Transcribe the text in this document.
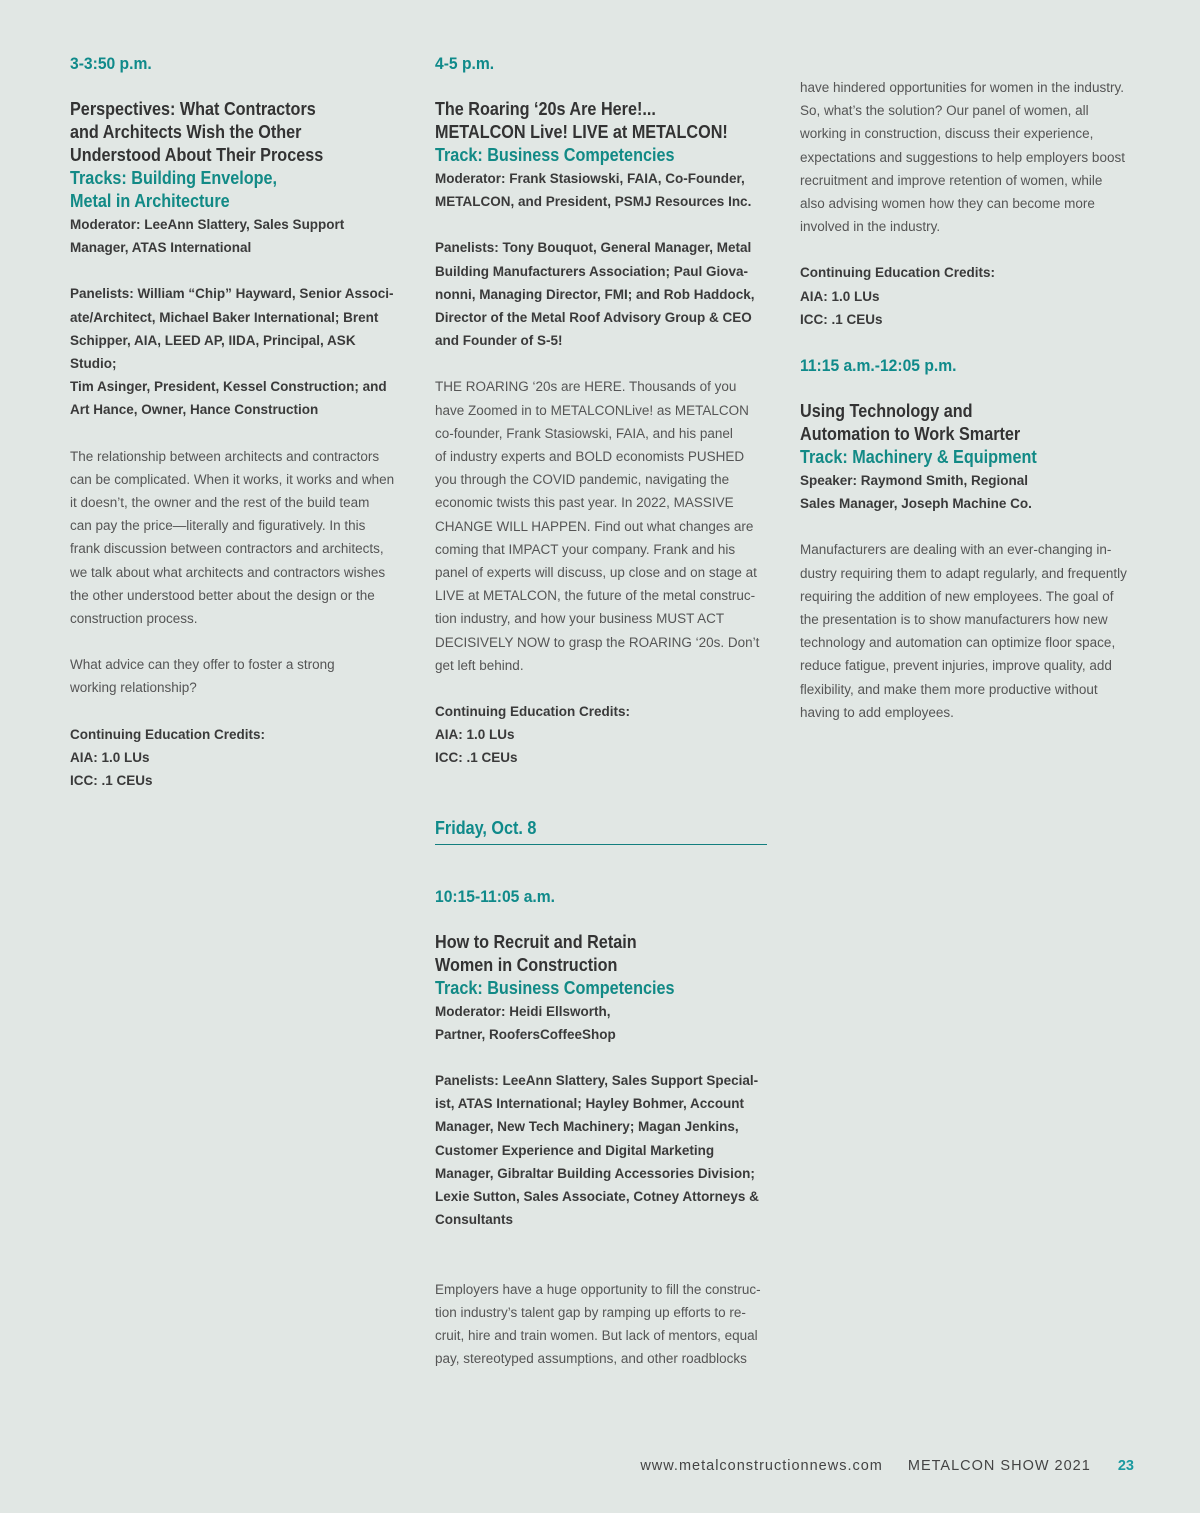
3-3:50 p.m.

Perspectives: What Contractors
and Architects Wish the Other
Understood About Their Process
Tracks: Building Envelope,
Metal in Architecture
Moderator: LeeAnn Slattery, Sales Support
Manager, ATAS International
Panelists: William “Chip” Hayward, Senior Associ-
ate/Architect, Michael Baker International; Brent
Schipper, AIA, LEED AP, IIDA, Principal, ASK Studio;
Tim Asinger, President, Kessel Construction; and
Art Hance, Owner, Hance Construction
The relationship between architects and contractors
can be complicated. When it works, it works and when
it doesn’t, the owner and the rest of the build team
can pay the price—literally and figuratively. In this
frank discussion between contractors and architects,
we talk about what architects and contractors wishes
the other understood better about the design or the
construction process.
What advice can they offer to foster a strong
working relationship?
Continuing Education Credits:
AIA: 1.0 LUs
ICC: .1 CEUs

4-5 p.m.

The Roaring ‘20s Are Here!...
METALCON Live! LIVE at METALCON!
Track: Business Competencies
Moderator: Frank Stasiowski, FAIA, Co-Founder,
METALCON, and President, PSMJ Resources Inc.
Panelists: Tony Bouquot, General Manager, Metal
Building Manufacturers Association; Paul Giova-
nonni, Managing Director, FMI; and Rob Haddock,
Director of the Metal Roof Advisory Group & CEO
and Founder of S-5!
THE ROARING ‘20s are HERE. Thousands of you
have Zoomed in to METALCONLive! as METALCON
co-founder, Frank Stasiowski, FAIA, and his panel
of industry experts and BOLD economists PUSHED
you through the COVID pandemic, navigating the
economic twists this past year. In 2022, MASSIVE
CHANGE WILL HAPPEN. Find out what changes are
coming that IMPACT your company. Frank and his
panel of experts will discuss, up close and on stage at
LIVE at METALCON, the future of the metal construc-
tion industry, and how your business MUST ACT
DECISIVELY NOW to grasp the ROARING ‘20s. Don’t
get left behind.
Continuing Education Credits:
AIA: 1.0 LUs
ICC: .1 CEUs
Friday, Oct. 8

10:15-11:05 a.m.

How to Recruit and Retain
Women in Construction
Track: Business Competencies
Moderator: Heidi Ellsworth,
Partner, RoofersCoffeeShop
Panelists: LeeAnn Slattery, Sales Support Special-
ist, ATAS International; Hayley Bohmer, Account
Manager, New Tech Machinery; Magan Jenkins,
Customer Experience and Digital Marketing
Manager, Gibraltar Building Accessories Division;
Lexie Sutton, Sales Associate, Cotney Attorneys &
Consultants
Employers have a huge opportunity to fill the construc-
tion industry’s talent gap by ramping up efforts to re-
cruit, hire and train women. But lack of mentors, equal
pay, stereotyped assumptions, and other roadblocks
have hindered opportunities for women in the industry.
So, what’s the solution? Our panel of women, all
working in construction, discuss their experience,
expectations and suggestions to help employers boost
recruitment and improve retention of women, while
also advising women how they can become more
involved in the industry.
Continuing Education Credits:
AIA: 1.0 LUs
ICC: .1 CEUs

11:15 a.m.-12:05 p.m.

Using Technology and
Automation to Work Smarter
Track: Machinery & Equipment
Speaker: Raymond Smith, Regional
Sales Manager, Joseph Machine Co.
Manufacturers are dealing with an ever-changing in-
dustry requiring them to adapt regularly, and frequently
requiring the addition of new employees. The goal of
the presentation is to show manufacturers how new
technology and automation can optimize floor space,
reduce fatigue, prevent injuries, improve quality, add
flexibility, and make them more productive without
having to add employees.
www.metalconstructionnews.com METALCON SHOW 2021 23
